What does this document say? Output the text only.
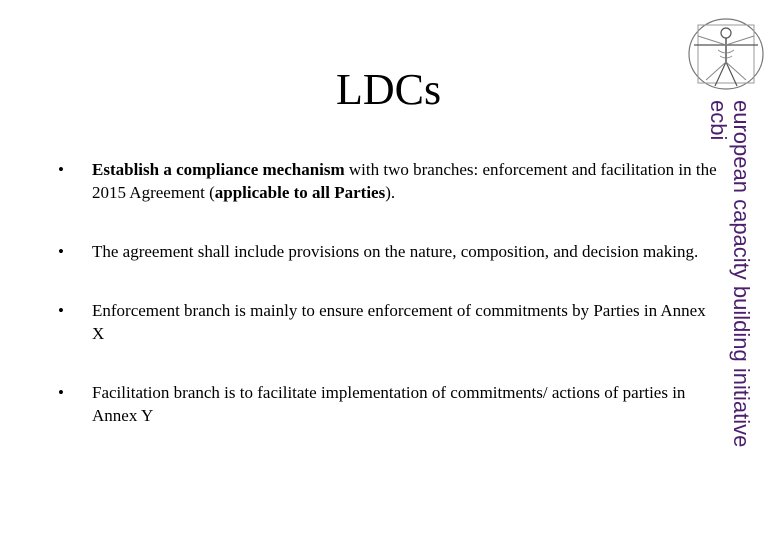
LDCs
• Establish a compliance mechanism with two branches: enforcement and facilitation in the 2015 Agreement (applicable to all Parties).
• The agreement shall include provisions on the nature, composition, and decision making.
• Enforcement branch is mainly to ensure enforcement of commitments by Parties in Annex X
• Facilitation branch is to facilitate implementation of commitments/ actions of parties in Annex Y	european capacity building initiative
ecbi
